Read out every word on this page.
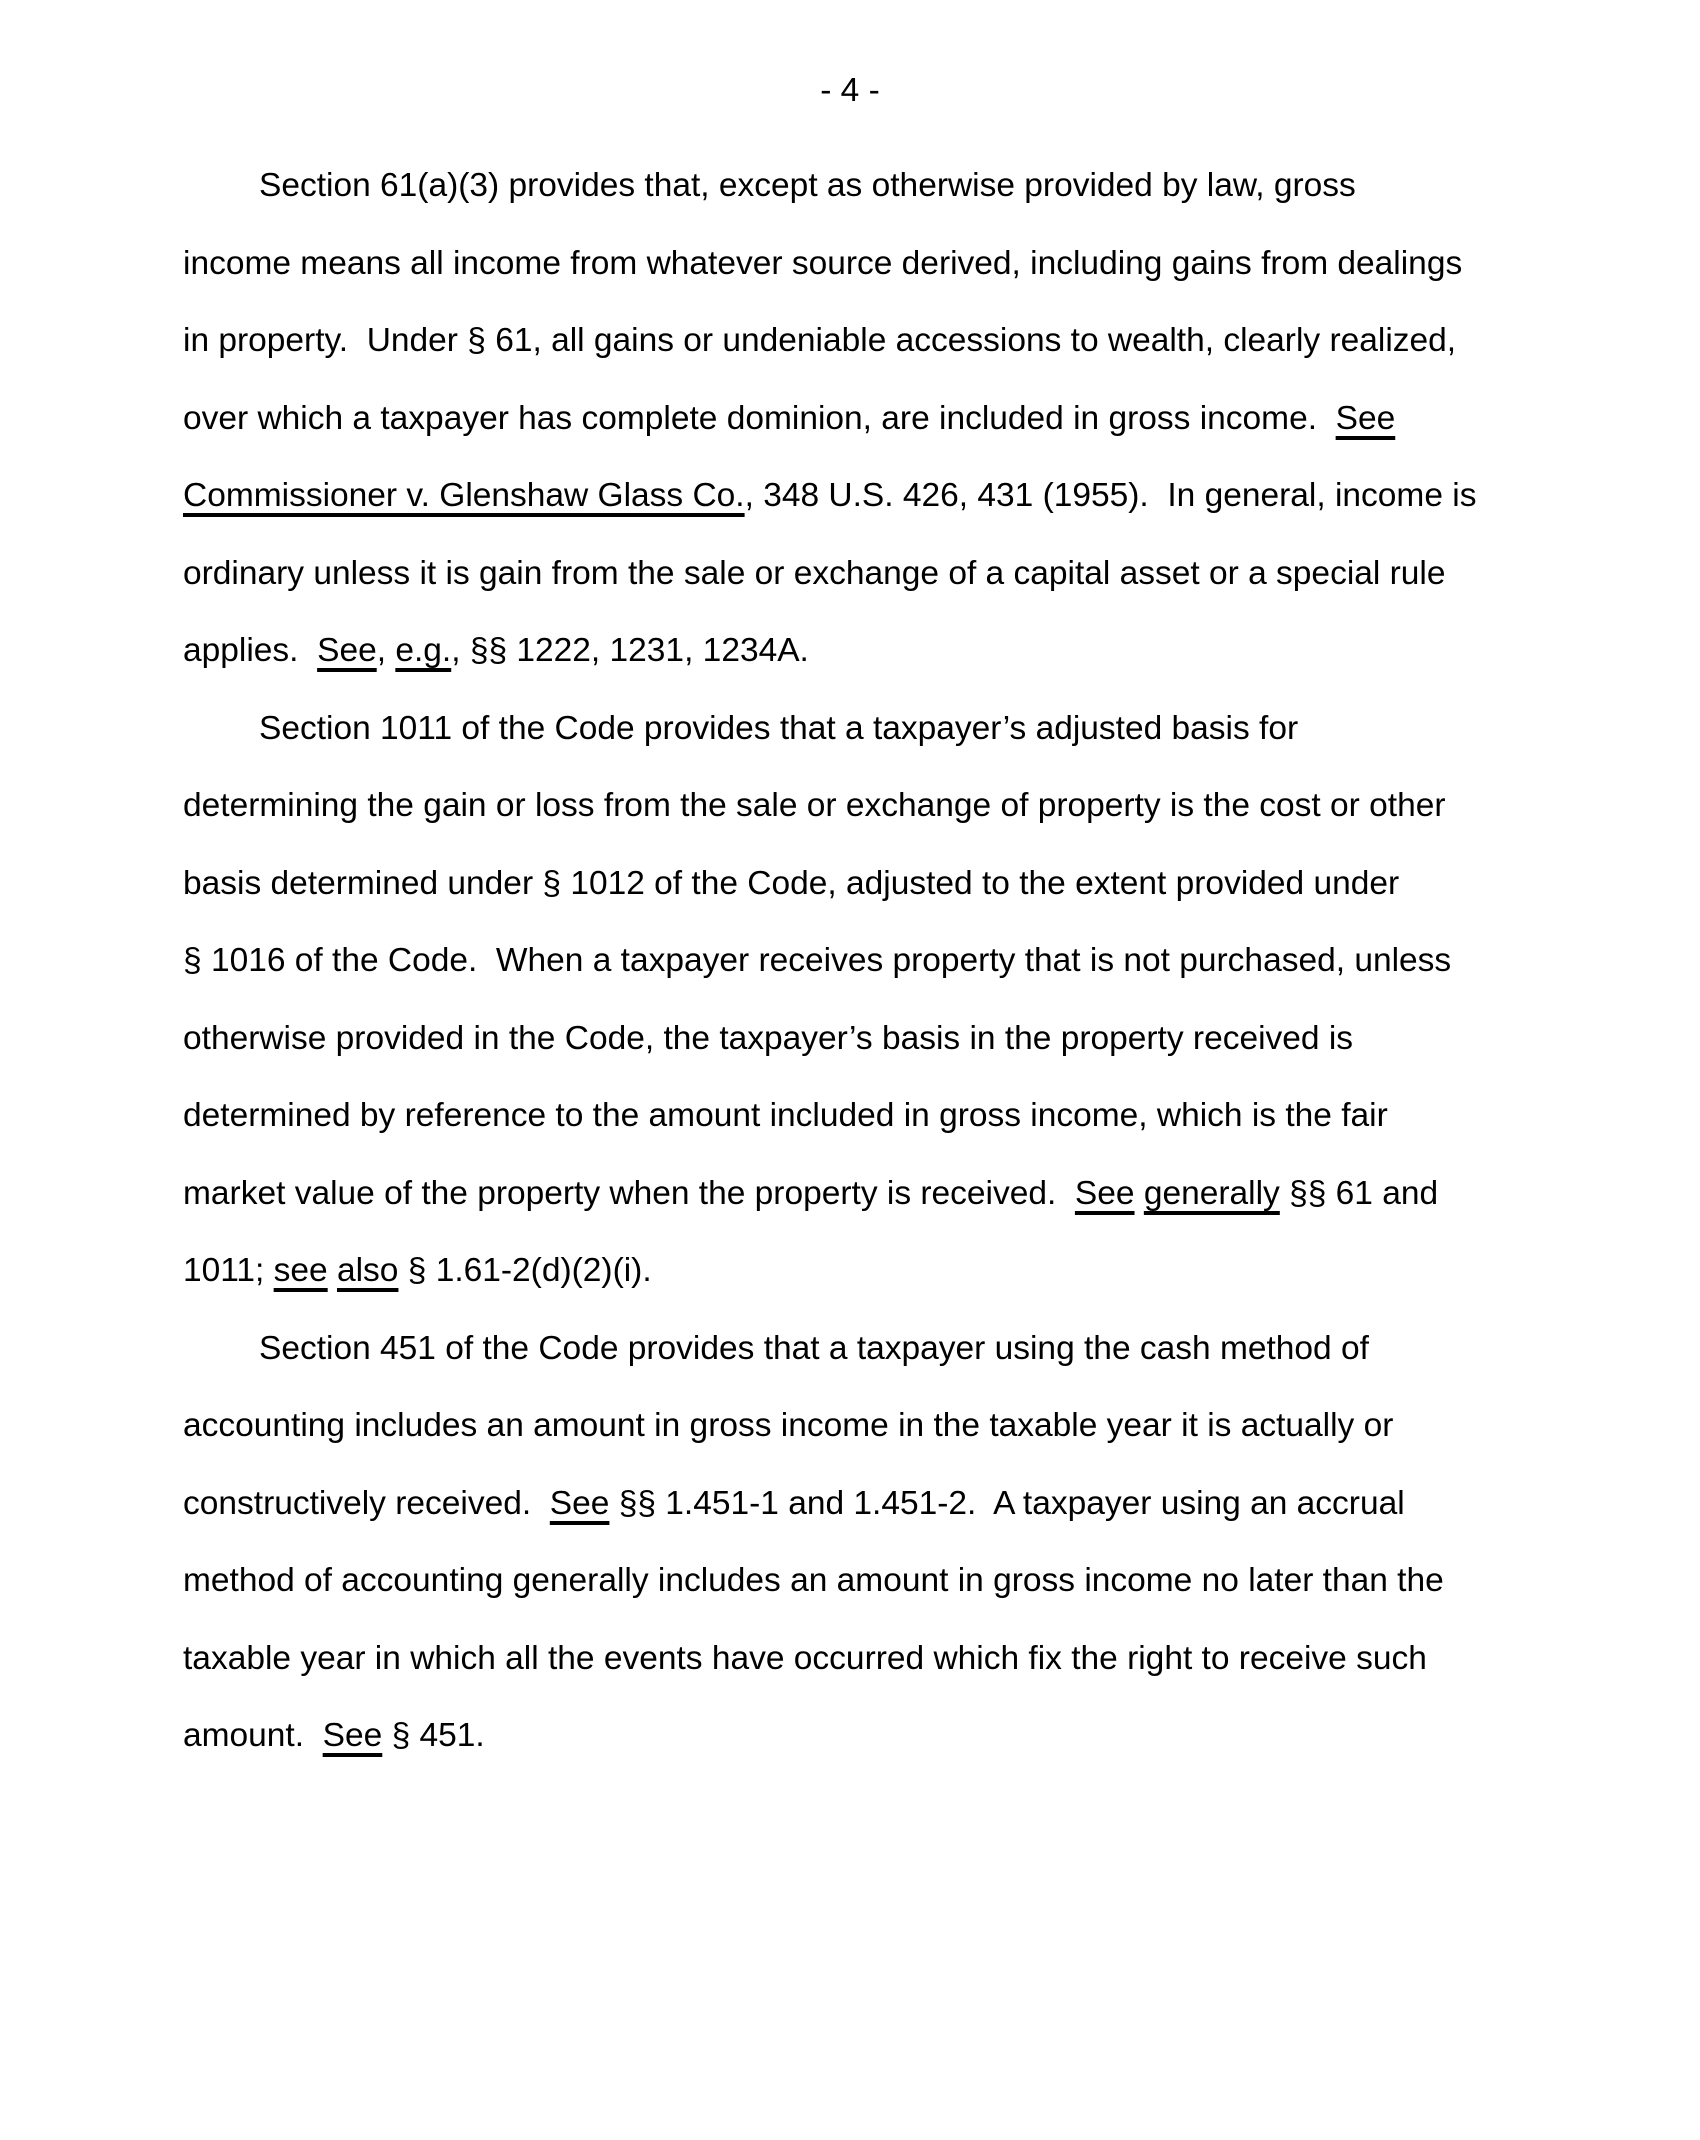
- 4 -
Section 61(a)(3) provides that, except as otherwise provided by law, gross
income means all income from whatever source derived, including gains from dealings
in property.  Under § 61, all gains or undeniable accessions to wealth, clearly realized,
over which a taxpayer has complete dominion, are included in gross income.  See
Commissioner v. Glenshaw Glass Co., 348 U.S. 426, 431 (1955).  In general, income is
ordinary unless it is gain from the sale or exchange of a capital asset or a special rule
applies.  See, e.g., §§ 1222, 1231, 1234A.
Section 1011 of the Code provides that a taxpayer’s adjusted basis for
determining the gain or loss from the sale or exchange of property is the cost or other
basis determined under § 1012 of the Code, adjusted to the extent provided under
§ 1016 of the Code.  When a taxpayer receives property that is not purchased, unless
otherwise provided in the Code, the taxpayer’s basis in the property received is
determined by reference to the amount included in gross income, which is the fair
market value of the property when the property is received.  See generally §§ 61 and
1011; see also § 1.61-2(d)(2)(i).
Section 451 of the Code provides that a taxpayer using the cash method of
accounting includes an amount in gross income in the taxable year it is actually or
constructively received.  See §§ 1.451-1 and 1.451-2.  A taxpayer using an accrual
method of accounting generally includes an amount in gross income no later than the
taxable year in which all the events have occurred which fix the right to receive such
amount.  See § 451.
